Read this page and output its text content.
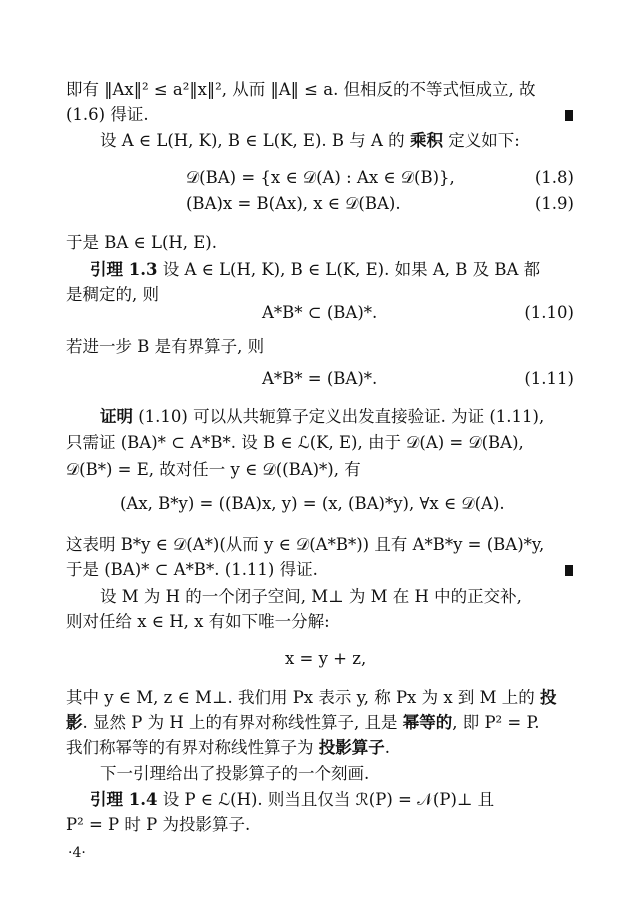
即有 ‖Ax‖² ≤ a²‖x‖², 从而 ‖A‖ ≤ a. 但相反的不等式恒成立, 故
(1.6) 得证.
设 A ∈ L(H, K), B ∈ L(K, E). B 与 A 的 乘积 定义如下:
𝒟(BA) = {x ∈ 𝒟(A) : Ax ∈ 𝒟(B)},	(1.8)
(BA)x = B(Ax), x ∈ 𝒟(BA).	(1.9)
于是 BA ∈ L(H, E).
引理 1.3 设 A ∈ L(H, K), B ∈ L(K, E). 如果 A, B 及 BA 都
是稠定的, 则
A*B* ⊂ (BA)*.	(1.10)
若进一步 B 是有界算子, 则
A*B* = (BA)*.	(1.11)
证明 (1.10) 可以从共轭算子定义出发直接验证. 为证 (1.11),
只需证 (BA)* ⊂ A*B*. 设 B ∈ ℒ(K, E), 由于 𝒟(A) = 𝒟(BA),
𝒟(B*) = E, 故对任一 y ∈ 𝒟((BA)*), 有
(Ax, B*y) = ((BA)x, y) = (x, (BA)*y), ∀x ∈ 𝒟(A).
这表明 B*y ∈ 𝒟(A*)(从而 y ∈ 𝒟(A*B*)) 且有 A*B*y = (BA)*y,
于是 (BA)* ⊂ A*B*. (1.11) 得证.
设 M 为 H 的一个闭子空间, M⊥ 为 M 在 H 中的正交补,
则对任给 x ∈ H, x 有如下唯一分解:
x = y + z,
其中 y ∈ M, z ∈ M⊥. 我们用 Px 表示 y, 称 Px 为 x 到 M 上的 投
影. 显然 P 为 H 上的有界对称线性算子, 且是 幂等的, 即 P² = P.
我们称幂等的有界对称线性算子为 投影算子.
下一引理给出了投影算子的一个刻画.
引理 1.4 设 P ∈ ℒ(H). 则当且仅当 ℛ(P) = 𝒩(P)⊥ 且
P² = P 时 P 为投影算子.
·4·
